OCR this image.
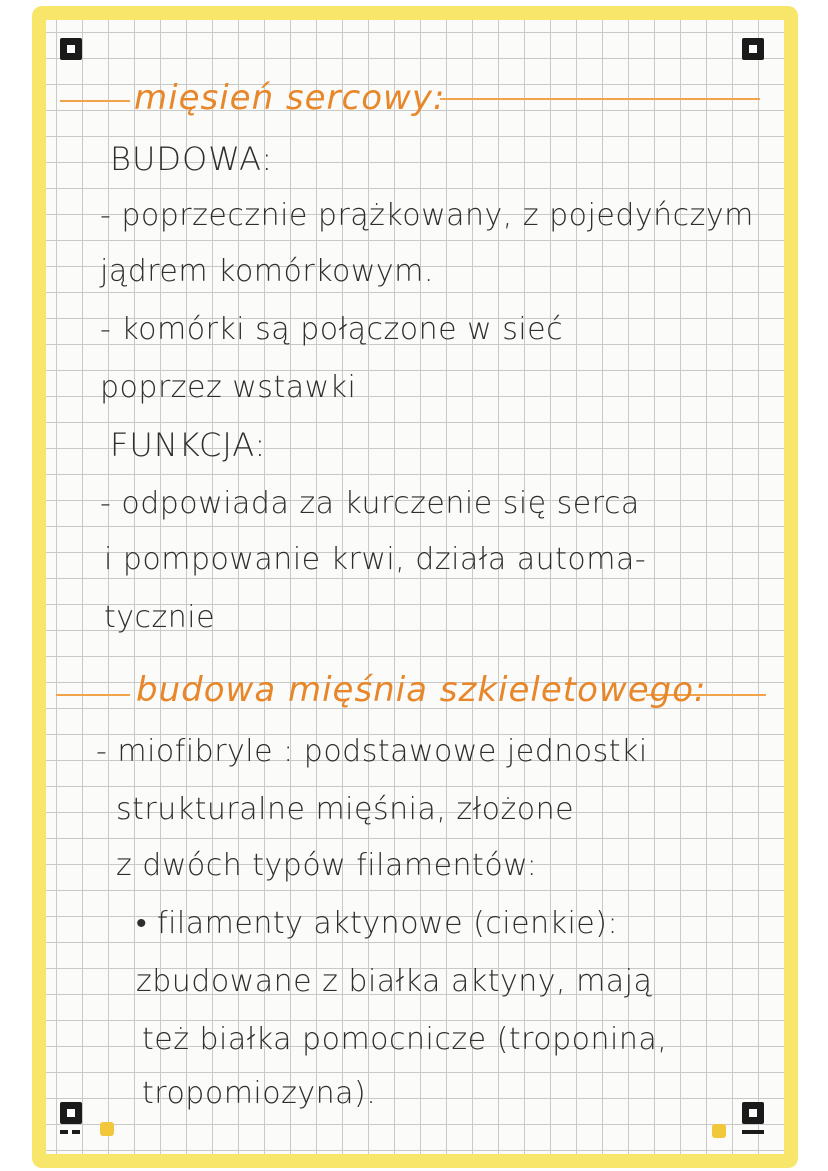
mięsień sercowy:
BUDOWA:
- poprzecznie prążkowany, z pojedyńczym
jądrem komórkowym.
- komórki są połączone w sieć
poprzez wstawki
FUNKCJA:
- odpowiada za kurczenie się serca
i pompowanie krwi, działa automa-
tycznie
budowa mięśnia szkieletowego:
- miofibryle : podstawowe jednostki
strukturalne mięśnia, złożone
z dwóch typów filamentów:
• filamenty aktynowe (cienkie):
zbudowane z białka aktyny, mają
też białka pomocnicze (troponina,
tropomiozyna).
